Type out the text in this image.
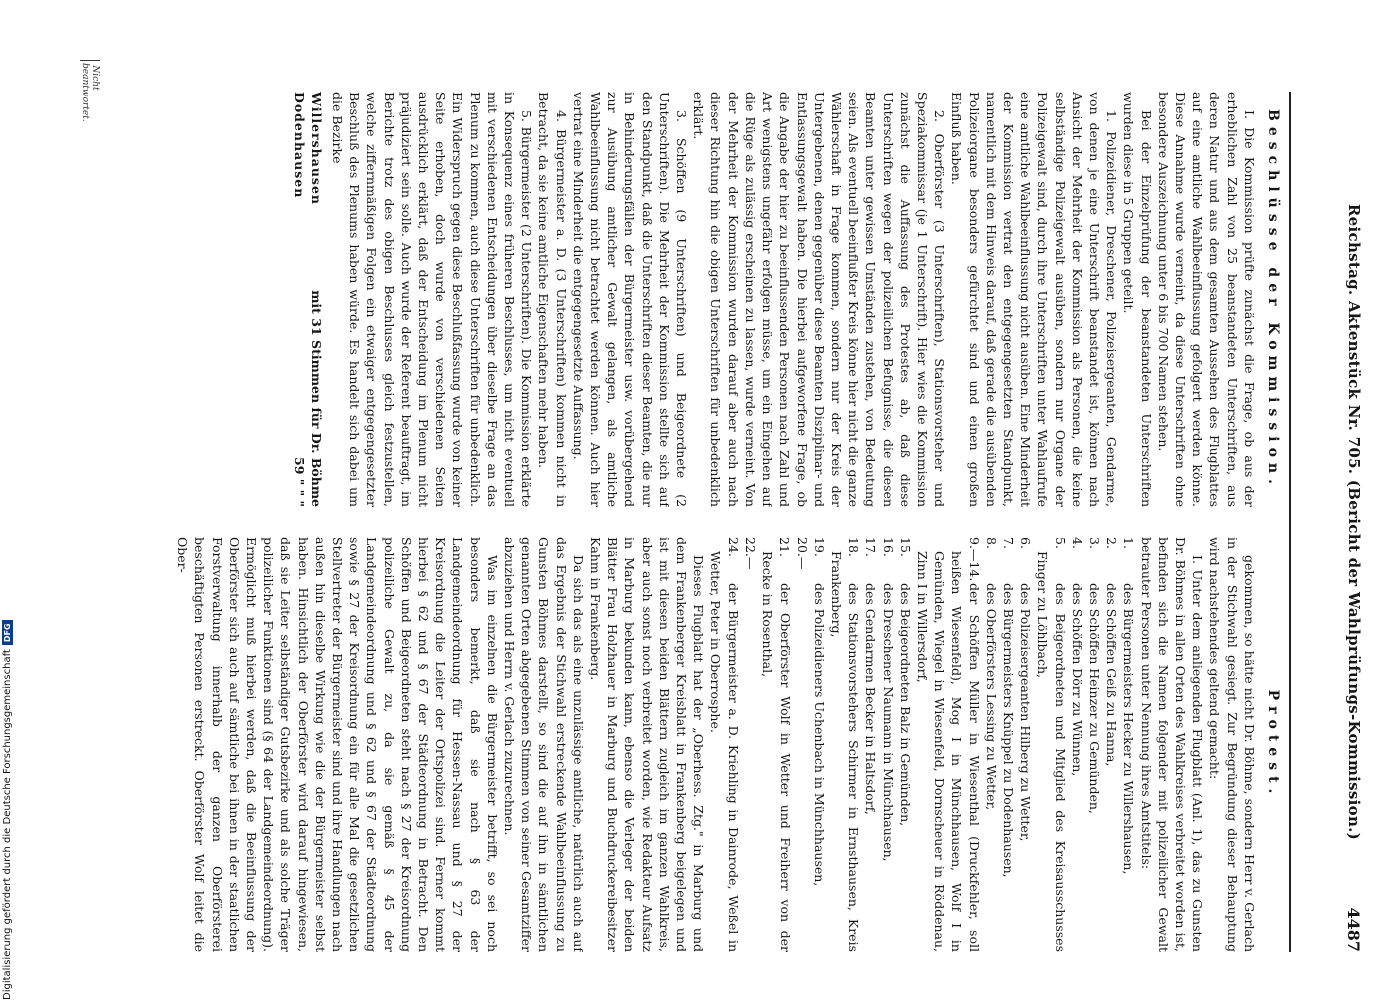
Reichstag. Aktenstück Nr. 705. (Bericht der Wahlprüfungs-Kommission.)
4487
Beschlüsse der Kommission.

I. Die Kommission prüfte zunächst die Frage, ob aus der erheblichen Zahl von 25 beanstandeten Unterschriften, aus deren Natur und aus dem gesamten Aussehen des Flugblattes auf eine amtliche Wahlbeeinflussung gefolgert werden könne. Diese Annahme wurde verneint, da diese Unterschriften ohne besondere Auszeichnung unter 6 bis 700 Namen stehen.

Bei der Einzelprüfung der beanstandeten Unterschriften wurden diese in 5 Gruppen geteilt.

1. Polizeidiener, Dreschener, Polizeisergeanten, Gendarme, von denen je eine Unterschrift beanstandet ist, können nach Ansicht der Mehrheit der Kommission als Personen, die keine selbständige Polizeigewalt ausüben, sondern nur Organe der Polizeigewalt sind, durch ihre Unterschriften unter Wahlaufrufe eine amtliche Wahlbeeinflussung nicht ausüben. Eine Minderheit der Kommission vertrat den entgegengesetzten Standpunkt, namentlich mit dem Hinweis darauf, daß gerade die ausübenden Polizeiorgane besonders gefürchtet sind und einen großen Einfluß haben.

2. Oberförster (3 Unterschriften), Stationsvorsteher und Speziakommissar (je 1 Unterschrift). Hier wies die Kommission zunächst die Auffassung des Protestes ab, daß diese Unterschriften wegen der polizeilichen Befugnisse, die diesen Beamten unter gewissen Umständen zustehen, von Bedeutung seien. Als eventuell beeinflußter Kreis könne hier nicht die ganze Wählerschaft in Frage kommen, sondern nur der Kreis der Untergebenen, denen gegenüber diese Beamten Disziplinar- und Entlassungsgewalt haben. Die hierbei aufgeworfene Frage, ob die Angabe der hier zu beeinflussenden Personen nach Zahl und Art wenigstens ungefähr erfolgen müsse, um ein Eingehen auf die Rüge als zulässig erscheinen zu lassen, wurde verneint. Von der Mehrheit der Kommission wurden darauf aber auch nach dieser Richtung hin die obigen Unterschriften für unbedenklich erklärt.

3. Schöffen (9 Unterschriften) und Beigeordnete (2 Unterschriften). Die Mehrheit der Kommission stellte sich auf den Standpunkt, daß die Unterschriften dieser Beamten, die nur in Behinderungsfällen der Bürgermeister usw. vorübergehend zur Ausübung amtlicher Gewalt gelangen, als amtliche Wahlbeeinflussung nicht betrachtet werden können. Auch hier vertrat eine Minderheit die entgegengesetzte Auffassung.

4. Bürgermeister a. D. (3 Unterschriften) kommen nicht in Betracht, da sie keine amtliche Eigenschaften mehr haben.

5. Bürgermeister (2 Unterschriften). Die Kommission erklärte in Konsequenz eines früheren Beschlusses, um nicht eventuell mit verschiedenen Entscheidungen über dieselbe Frage an das Plenum zu kommen, auch diese Unterschriften für unbedenklich. Ein Widerspruch gegen diese Beschlußfassung wurde von keiner Seite erhoben, doch wurde von verschiedenen Seiten ausdrücklich erklärt, daß der Entscheidung im Plenum nicht präjudiziert sein solle. Auch wurde der Referent beauftragt, im Berichte trotz des obigen Beschlusses gleich festzustellen, welche ziffernmäßigen Folgen ein etwaiger entgegengesetzter Beschluß des Plenums haben würde. Es handelt sich dabei um die Bezirke

Willershausen
mit 31 Stimmen für Dr. Böhme
Dodenhausen
59 " " "
Protest.

gekommen, so hätte nicht Dr. Böhme, sondern Herr v. Gerlach in der Stichwahl gesiegt. Zur Begründung dieser Behauptung wird nachstehendes geltend gemacht:

I. Unter dem anliegenden Flugblatt (Anl. 1), das zu Gunsten Dr. Böhmes in allen Orten des Wahlkreises verbreitet worden ist, befinden sich die Namen folgender mit polizeilicher Gewalt betrauter Personen unter Nennung ihres Amtstitels:

1.des Bürgermeisters Hecker zu Willershausen,

2.des Schöffen Geiß zu Hanna,

3.des Schöffen Heinzer zu Gemünden,

4.des Schöffen Dörr zu Wünnen,

5.des Beigeordneten und Mitglied des Kreisausschusses Finger zu Löhlbach,

6.des Polizeisergeanten Hilberg zu Wetter,

7.des Bürgermeisters Knüppel zu Dodenhausen,

8.des Oberförsters Lessing zu Wetter,

9.—14.der Schöffen Müller in Wiesenthal (Druckfehler, soll heißen Wiesenfeld), Mog I in Münchhausen, Wolf I in Gemünden, Wiegel in Wiesenfeld, Dornscheuer in Röddenau, Zinn I in Willersdorf,

15.des Beigeordneten Balz in Gemünden,

16.des Dreschener Naumann in Münchhausen,

17.des Gendarmen Becker in Haltsdorf,

18.des Stationsvorstehers Schirmer in Ernsthausen, Kreis Frankenberg,

19.des Polizeidieners Uchenbach in Münchhausen,

20.—21.der Oberförster Wolf in Wetter und Freiherr von der Recke in Rosenthal,

22.—24.der Bürgermeister a. D. Kriehling in Dainrode, Weßel in Wetter, Peter in Oberrosphe.

Dieses Flugblatt hat der „Oberhess. Ztg." in Marburg und dem Frankenberger Kreisblatt in Frankenberg beigelegen und ist mit diesen beiden Blättern zugleich im ganzen Wahlkreis, aber auch sonst noch verbreitet worden, wie Redakteur Aufsatz in Marburg bekunden kann, ebenso die Verleger der beiden Blätter Frau Holzhauer in Marburg und Buchdruckereibesitzer Kahm in Frankenberg.

Da sich das als eine unzulässige amtliche, natürlich auch auf das Ergebnis der Stichwahl erstreckende Wahlbeeinflussung zu Gunsten Böhmes darstellt, so sind die auf ihn in sämtlichen genannten Orten abgegebenen Stimmen von seiner Gesamtziffer abzuziehen und Herrn v. Gerlach zuzurechnen.

Was im einzelnen die Bürgermeister betrifft, so sei noch besonders bemerkt, daß sie nach § 63 der Landgemeindeordnung für Hessen-Nassau und § 27 der Kreisordnung die Leiter der Ortspolizei sind. Ferner kommt hierbei § 62 und § 67 der Städteordnung in Betracht. Den Schöffen und Beigeordneten steht nach § 27 der Kreisordnung polizeiliche Gewalt zu, da sie gemäß § 45 der Landgemeindeordnung und § 62 und § 67 der Städteordnung sowie § 27 der Kreisordnung ein für alle Mal die gesetzlichen Stellvertreter der Bürgermeister sind und ihre Handlungen nach außen hin dieselbe Wirkung wie die der Bürgermeister selbst haben. Hinsichtlich der Oberförster wird darauf hingewiesen, daß sie Leiter selbständiger Gutsbezirke und als solche Träger polizeilicher Funktionen sind (§ 64 der Landgemeindeordnung). Ermöglicht muß hierbei werden, daß die Beeinflussung der Oberförster sich auch auf sämtliche bei ihnen in der staatlichen Forstverwaltung innerhalb der ganzen Oberförsterei beschäftigten Personen erstreckt. Oberförster Wolf leitet die Ober-

Nicht beantwortet.
Digitalisierung gefördert durch die Deutsche ForschungsgemeinschaftDFG
